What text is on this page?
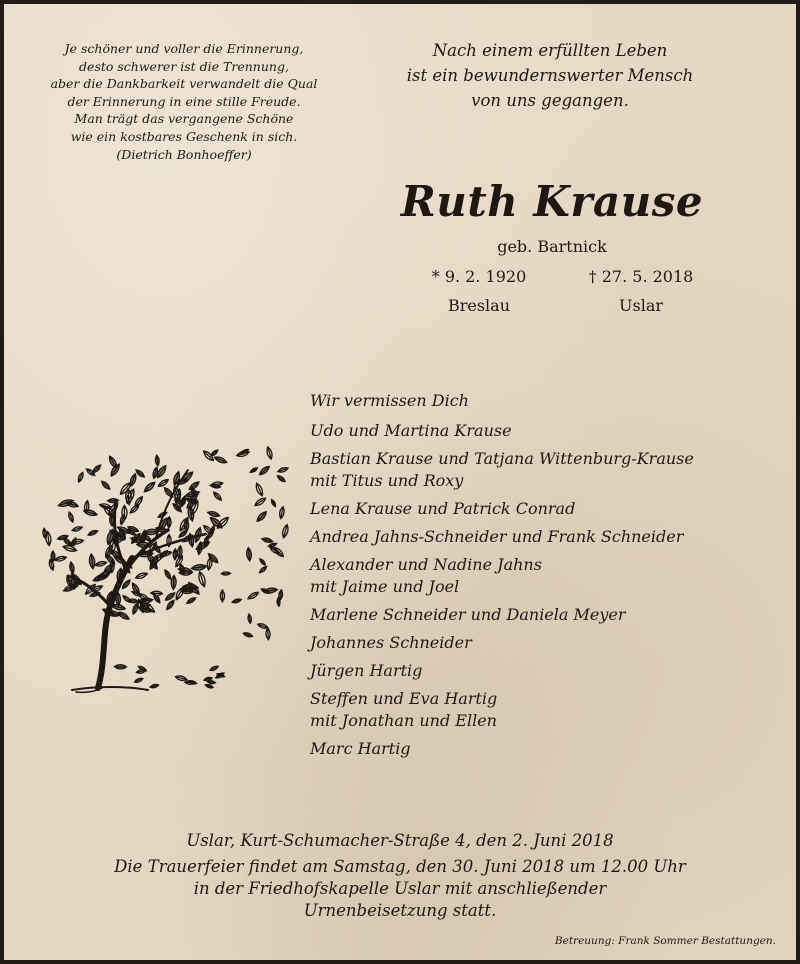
Je schöner und voller die Erinnerung,
desto schwerer ist die Trennung,
aber die Dankbarkeit verwandelt die Qual
der Erinnerung in eine stille Freude.
Man trägt das vergangene Schöne
wie ein kostbares Geschenk in sich.
(Dietrich Bonhoeffer)
Nach einem erfüllten Leben
ist ein bewundernswerter Mensch
von uns gegangen.
Ruth Krause
geb. Bartnick
* 9. 2. 1920	† 27. 5. 2018
Breslau	Uslar
Wir vermissen Dich
Udo und Martina Krause
Bastian Krause und Tatjana Wittenburg-Krause
mit Titus und Roxy
Lena Krause und Patrick Conrad
Andrea Jahns-Schneider und Frank Schneider
Alexander und Nadine Jahns
mit Jaime und Joel
Marlene Schneider und Daniela Meyer
Johannes Schneider
Jürgen Hartig
Steffen und Eva Hartig
mit Jonathan und Ellen
Marc Hartig
Uslar, Kurt-Schumacher-Straße 4, den 2. Juni 2018
Die Trauerfeier findet am Samstag, den 30. Juni 2018 um 12.00 Uhr
in der Friedhofskapelle Uslar mit anschließender
Urnenbeisetzung statt.
Betreuung: Frank Sommer Bestattungen.
